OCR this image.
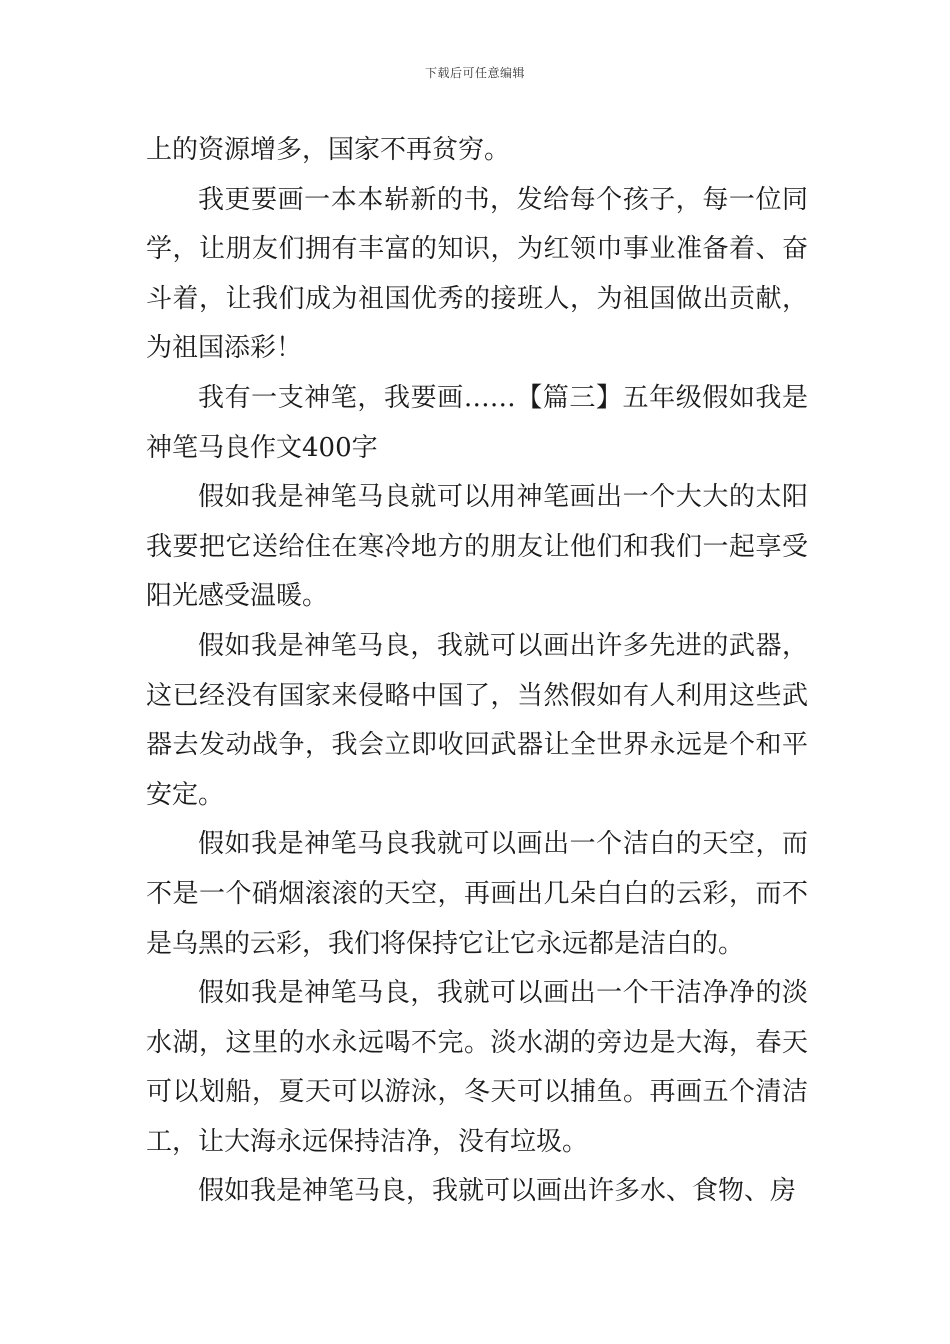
下载后可任意编辑

上的资源增多，国家不再贫穷。

我更要画一本本崭新的书，发给每个孩子，每一位同学，让朋友们拥有丰富的知识，为红领巾事业准备着、奋斗着，让我们成为祖国优秀的接班人，为祖国做出贡献，为祖国添彩！

我有一支神笔，我要画……【篇三】五年级假如我是神笔马良作文400字

假如我是神笔马良就可以用神笔画出一个大大的太阳我要把它送给住在寒冷地方的朋友让他们和我们一起享受阳光感受温暖。

假如我是神笔马良，我就可以画出许多先进的武器，这已经没有国家来侵略中国了，当然假如有人利用这些武器去发动战争，我会立即收回武器让全世界永远是个和平安定。

假如我是神笔马良我就可以画出一个洁白的天空，而不是一个硝烟滚滚的天空，再画出几朵白白的云彩，而不是乌黑的云彩，我们将保持它让它永远都是洁白的。

假如我是神笔马良，我就可以画出一个干洁净净的淡水湖，这里的水永远喝不完。淡水湖的旁边是大海，春天可以划船，夏天可以游泳，冬天可以捕鱼。再画五个清洁工，让大海永远保持洁净，没有垃圾。

假如我是神笔马良，我就可以画出许多水、食物、房
